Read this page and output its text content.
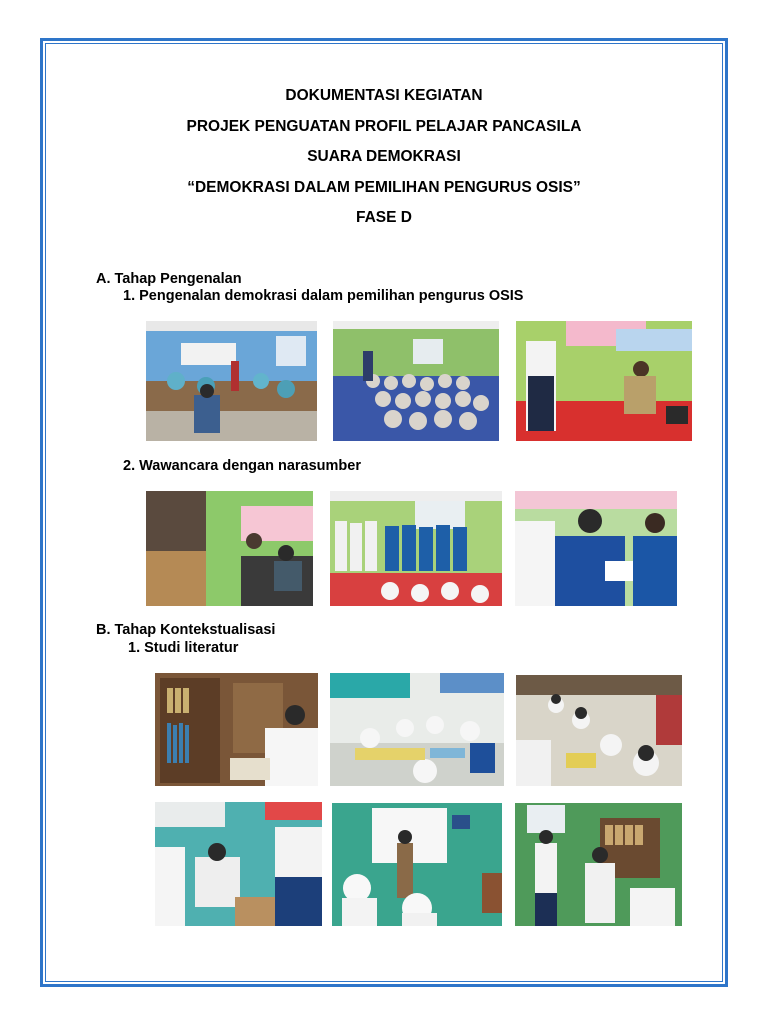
DOKUMENTASI KEGIATAN
PROJEK PENGUATAN PROFIL PELAJAR PANCASILA
SUARA DEMOKRASI
“DEMOKRASI DALAM PEMILIHAN PENGURUS OSIS”
FASE D
A. Tahap Pengenalan
1. Pengenalan demokrasi dalam pemilihan pengurus OSIS
2. Wawancara dengan narasumber
B. Tahap Kontekstualisasi
1. Studi literatur
